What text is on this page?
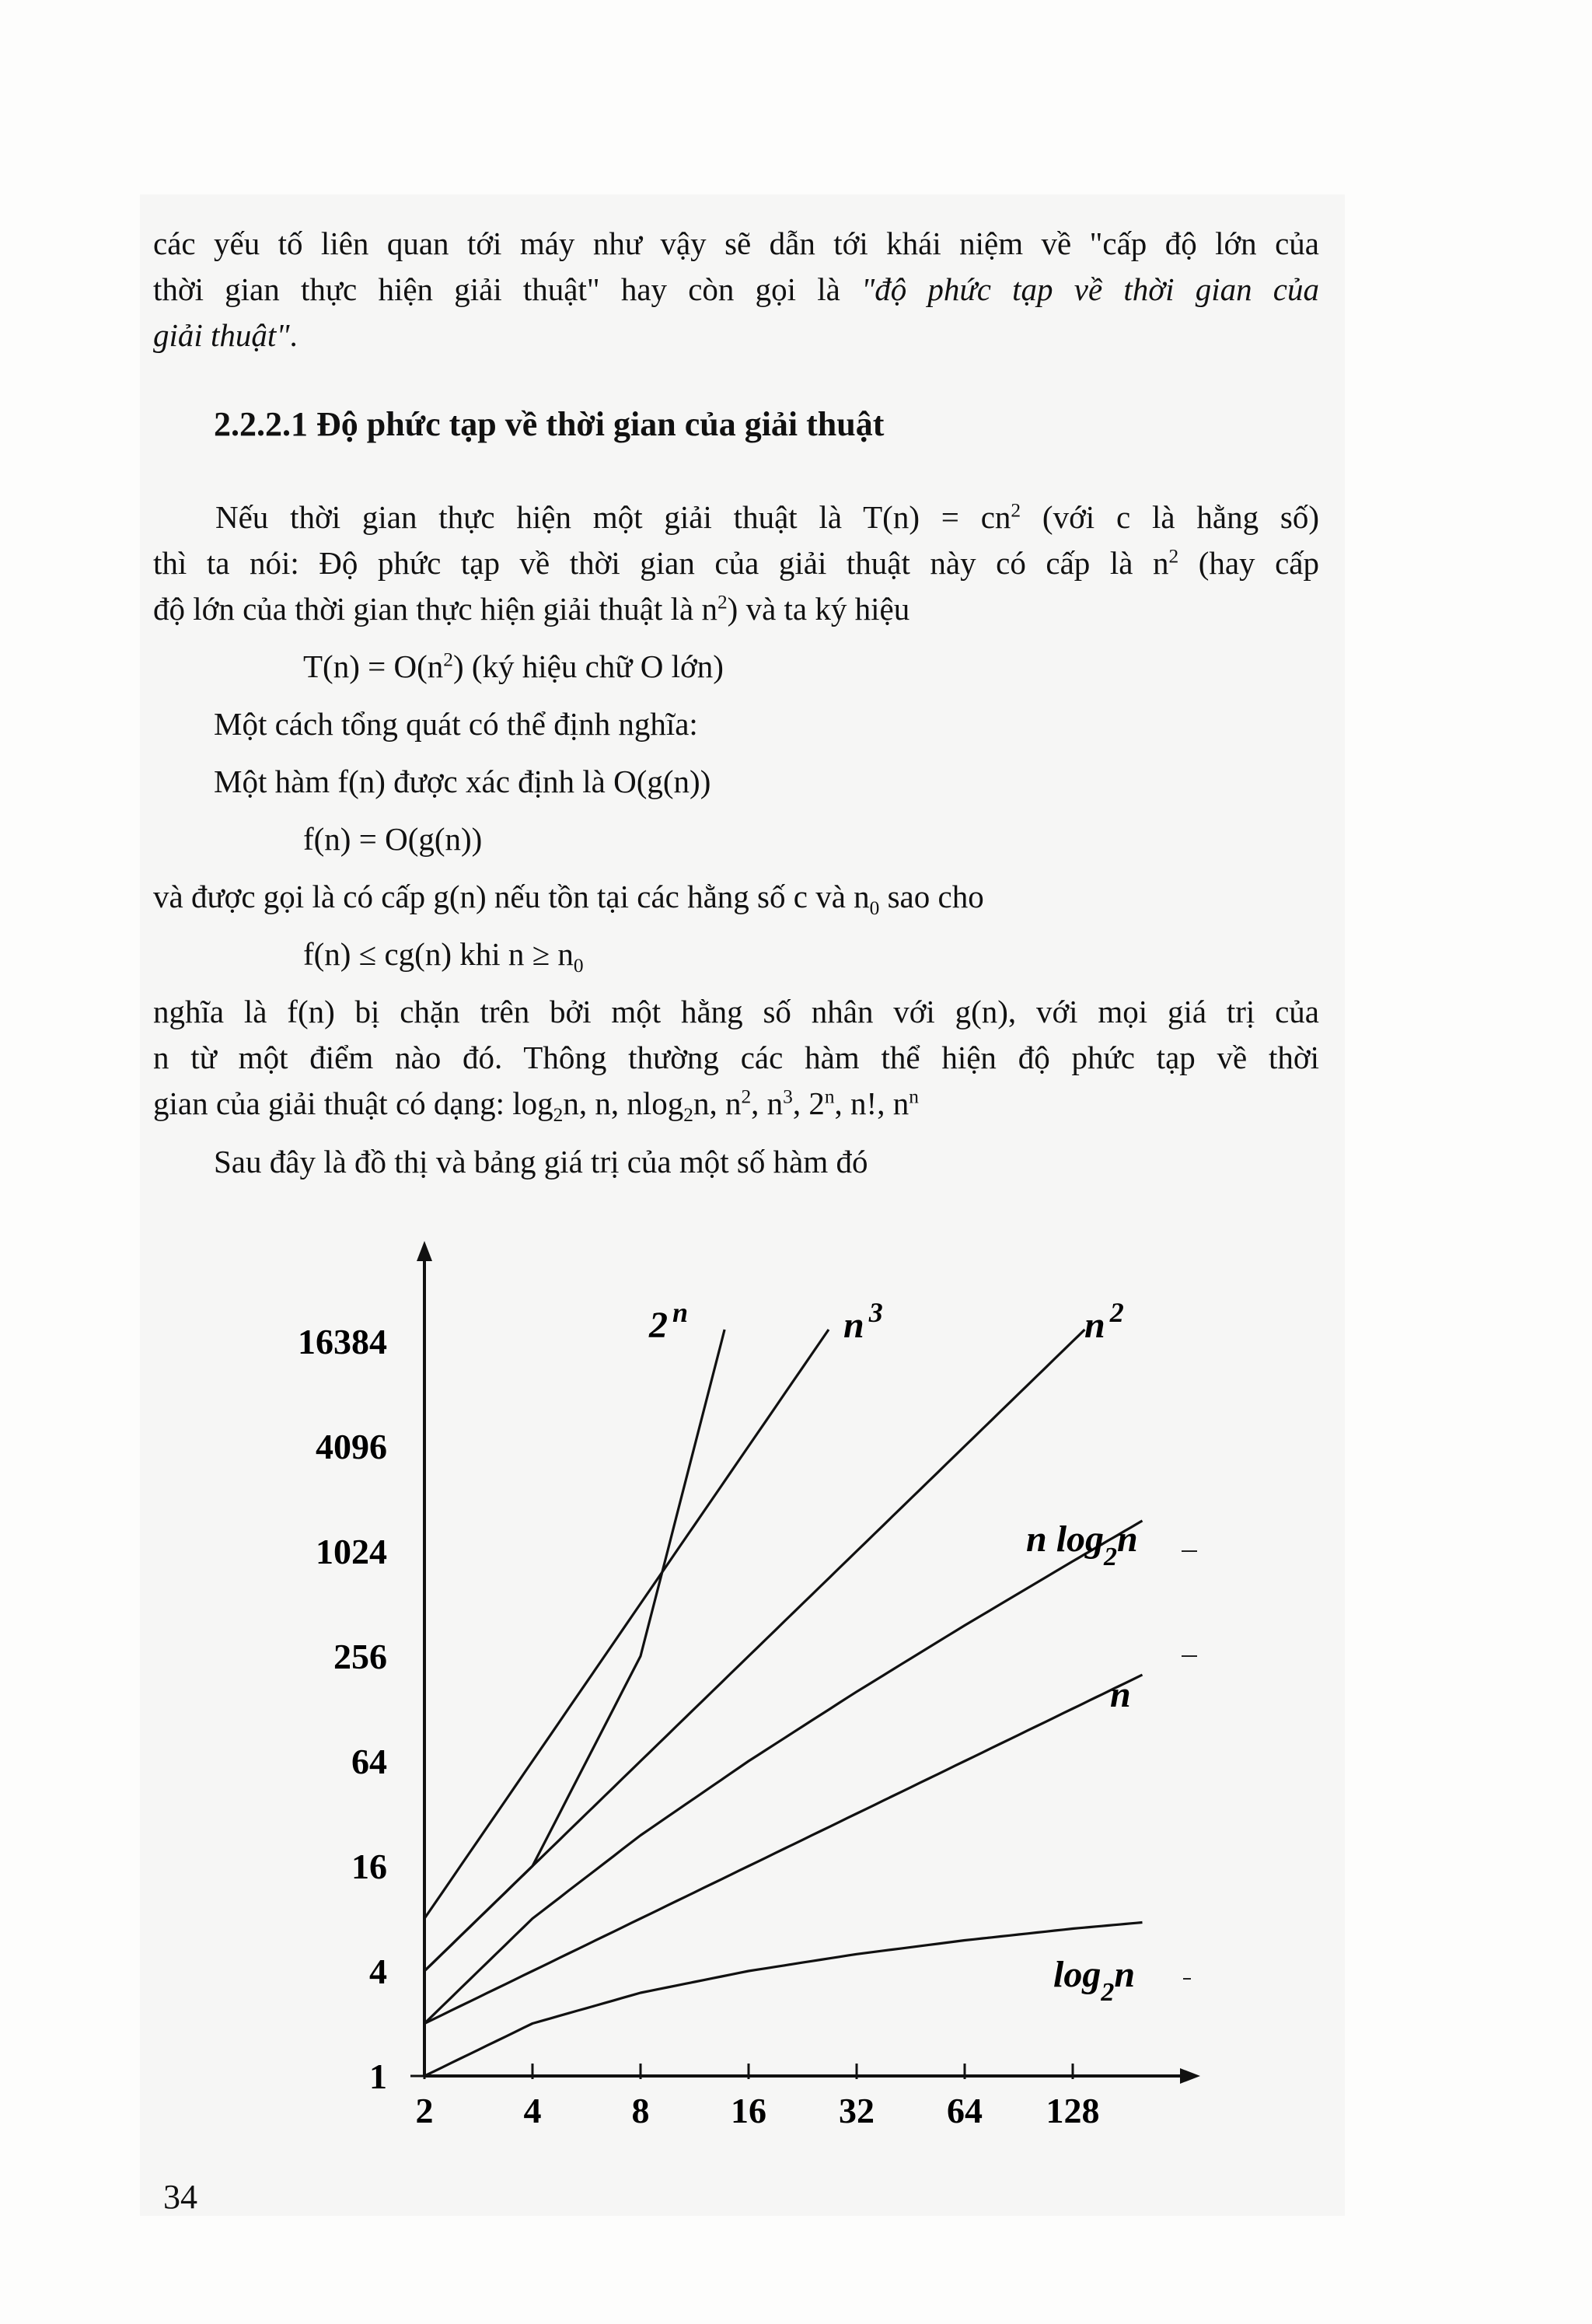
các yếu tố liên quan tới máy như vậy sẽ dẫn tới khái niệm về "cấp độ lớn của
thời gian thực hiện giải thuật" hay còn gọi là "độ phức tạp về thời gian của
giải thuật".
2.2.2.1 Độ phức tạp về thời gian của giải thuật
Nếu thời gian thực hiện một giải thuật là $T(n) = cn^2$ (với c là hằng số)
thì ta nói: Độ phức tạp về thời gian của giải thuật này có cấp là $n^2$ (hay cấp
độ lớn của thời gian thực hiện giải thuật là $n^2$) và ta ký hiệu
$T(n) = O(n^2)$ (ký hiệu chữ O lớn)
Một cách tổng quát có thể định nghĩa:
Một hàm f(n) được xác định là O(g(n))
f(n) = O(g(n))
và được gọi là có cấp g(n) nếu tồn tại các hằng số c và $n_0$ sao cho
f(n) ≤ cg(n) khi $n \ge n_0$
nghĩa là f(n) bị chặn trên bởi một hằng số nhân với g(n), với mọi giá trị của
n từ một điểm nào đó. Thông thường các hàm thể hiện độ phức tạp về thời
gian của giải thuật có dạng: $\log_2n$, n, nlog$_2$n, $n^2$, $n^3$, 2$^n$, n!, $n^n$
Sau đây là đồ thị và bảng giá trị của một số hàm đó
1
4
16
64
256
1024
4096
16384
2	4	8 16 32 64 128
$\log_2n$
n
n $\log_2n$
n $^2$
n $^3$
2 $^n$
34
